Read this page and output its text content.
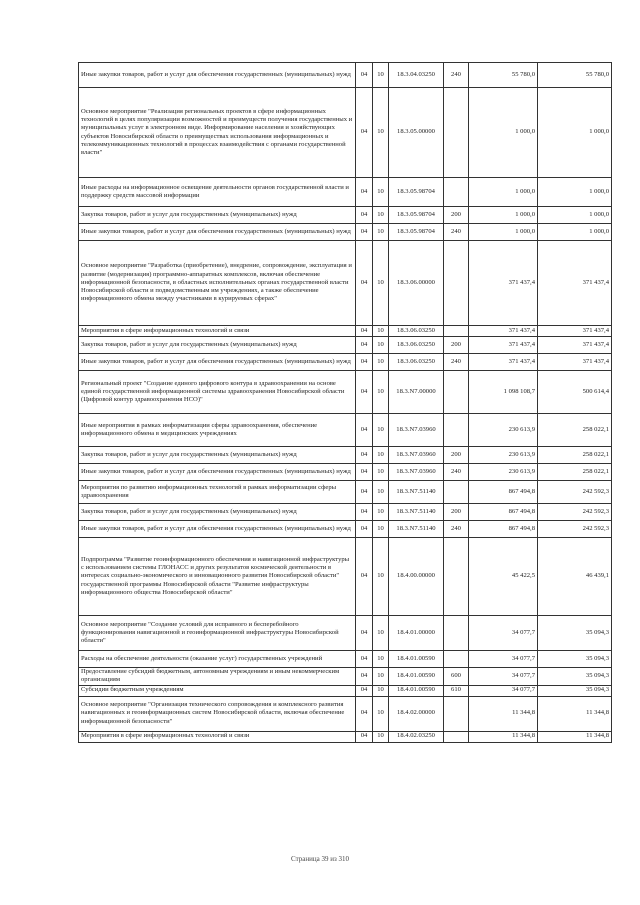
Иные закупки товаров, работ и услуг для обеспечения государственных (муниципальных) нужд	04	10	18.3.04.03250	240	55 780,0	55 780,0
Основное мероприятие "Реализация региональных проектов в сфере информационных технологий в целях популяризации возможностей и преимуществ получения государственных и муниципальных услуг в электронном виде. Информирование населения и хозяйствующих субъектов Новосибирской области о преимуществах использования информационных и телекоммуникационных технологий в процессах взаимодействия с органами государственной власти"	04	10	18.3.05.00000		1 000,0	1 000,0
Иные расходы на информационное освещение деятельности органов государственной власти и поддержку средств массовой информации	04	10	18.3.05.98704		1 000,0	1 000,0
Закупка товаров, работ и услуг для государственных (муниципальных) нужд	04	10	18.3.05.98704	200	1 000,0	1 000,0
Иные закупки товаров, работ и услуг для обеспечения государственных (муниципальных) нужд	04	10	18.3.05.98704	240	1 000,0	1 000,0
Основное мероприятие "Разработка (приобретение), внедрение, сопровождение, эксплуатация и развитие (модернизация) программно-аппаратных комплексов, включая обеспечение информационной безопасности, в областных исполнительных органах государственной власти Новосибирской области и подведомственным им учреждениях, а также обеспечение информационного обмена между участниками в курируемых сферах"	04	10	18.3.06.00000		371 437,4	371 437,4
Мероприятия в сфере информационных технологий и связи	04	10	18.3.06.03250		371 437,4	371 437,4
Закупка товаров, работ и услуг для государственных (муниципальных) нужд	04	10	18.3.06.03250	200	371 437,4	371 437,4
Иные закупки товаров, работ и услуг для обеспечения государственных (муниципальных) нужд	04	10	18.3.06.03250	240	371 437,4	371 437,4
Региональный проект "Создание единого цифрового контура в здравоохранении на основе единой государственной информационной системы здравоохранения Новосибирской области (Цифровой контур здравоохранения НСО)"	04	10	18.3.N7.00000		1 098 108,7	500 614,4
Иные мероприятия в рамках информатизации сферы здравоохранения, обеспечение информационного обмена в медицинских учреждениях	04	10	18.3.N7.03960		230 613,9	258 022,1
Закупка товаров, работ и услуг для государственных (муниципальных) нужд	04	10	18.3.N7.03960	200	230 613,9	258 022,1
Иные закупки товаров, работ и услуг для обеспечения государственных (муниципальных) нужд	04	10	18.3.N7.03960	240	230 613,9	258 022,1
Мероприятия по развитию информационных технологий в рамках информатизации сферы здравоохранения	04	10	18.3.N7.51140		867 494,8	242 592,3
Закупка товаров, работ и услуг для государственных (муниципальных) нужд	04	10	18.3.N7.51140	200	867 494,8	242 592,3
Иные закупки товаров, работ и услуг для обеспечения государственных (муниципальных) нужд	04	10	18.3.N7.51140	240	867 494,8	242 592,3
Подпрограмма "Развитие геоинформационного обеспечения и навигационной инфраструктуры с использованием системы ГЛОНАСС и других результатов космической деятельности в интересах социально-экономического и инновационного развития Новосибирской области" государственной программы Новосибирской области "Развитие инфраструктуры информационного общества Новосибирской области"	04	10	18.4.00.00000		45 422,5	46 439,1
Основное мероприятие "Создание условий для исправного и бесперебойного функционирования навигационной и геоинформационной инфраструктуры Новосибирской области"	04	10	18.4.01.00000		34 077,7	35 094,3
Расходы на обеспечение деятельности (оказание услуг) государственных учреждений	04	10	18.4.01.00590		34 077,7	35 094,3
Предоставление субсидий бюджетным, автономным учреждениям и иным некоммерческим организациям	04	10	18.4.01.00590	600	34 077,7	35 094,3
Субсидии бюджетным учреждениям	04	10	18.4.01.00590	610	34 077,7	35 094,3
Основное мероприятие "Организация технического сопровождения и комплексного развития навигационных и геоинформационных систем Новосибирской области, включая обеспечение информационной безопасности"	04	10	18.4.02.00000		11 344,8	11 344,8
Мероприятия в сфере информационных технологий и связи	04	10	18.4.02.03250		11 344,8	11 344,8
Страница 39 из 310
